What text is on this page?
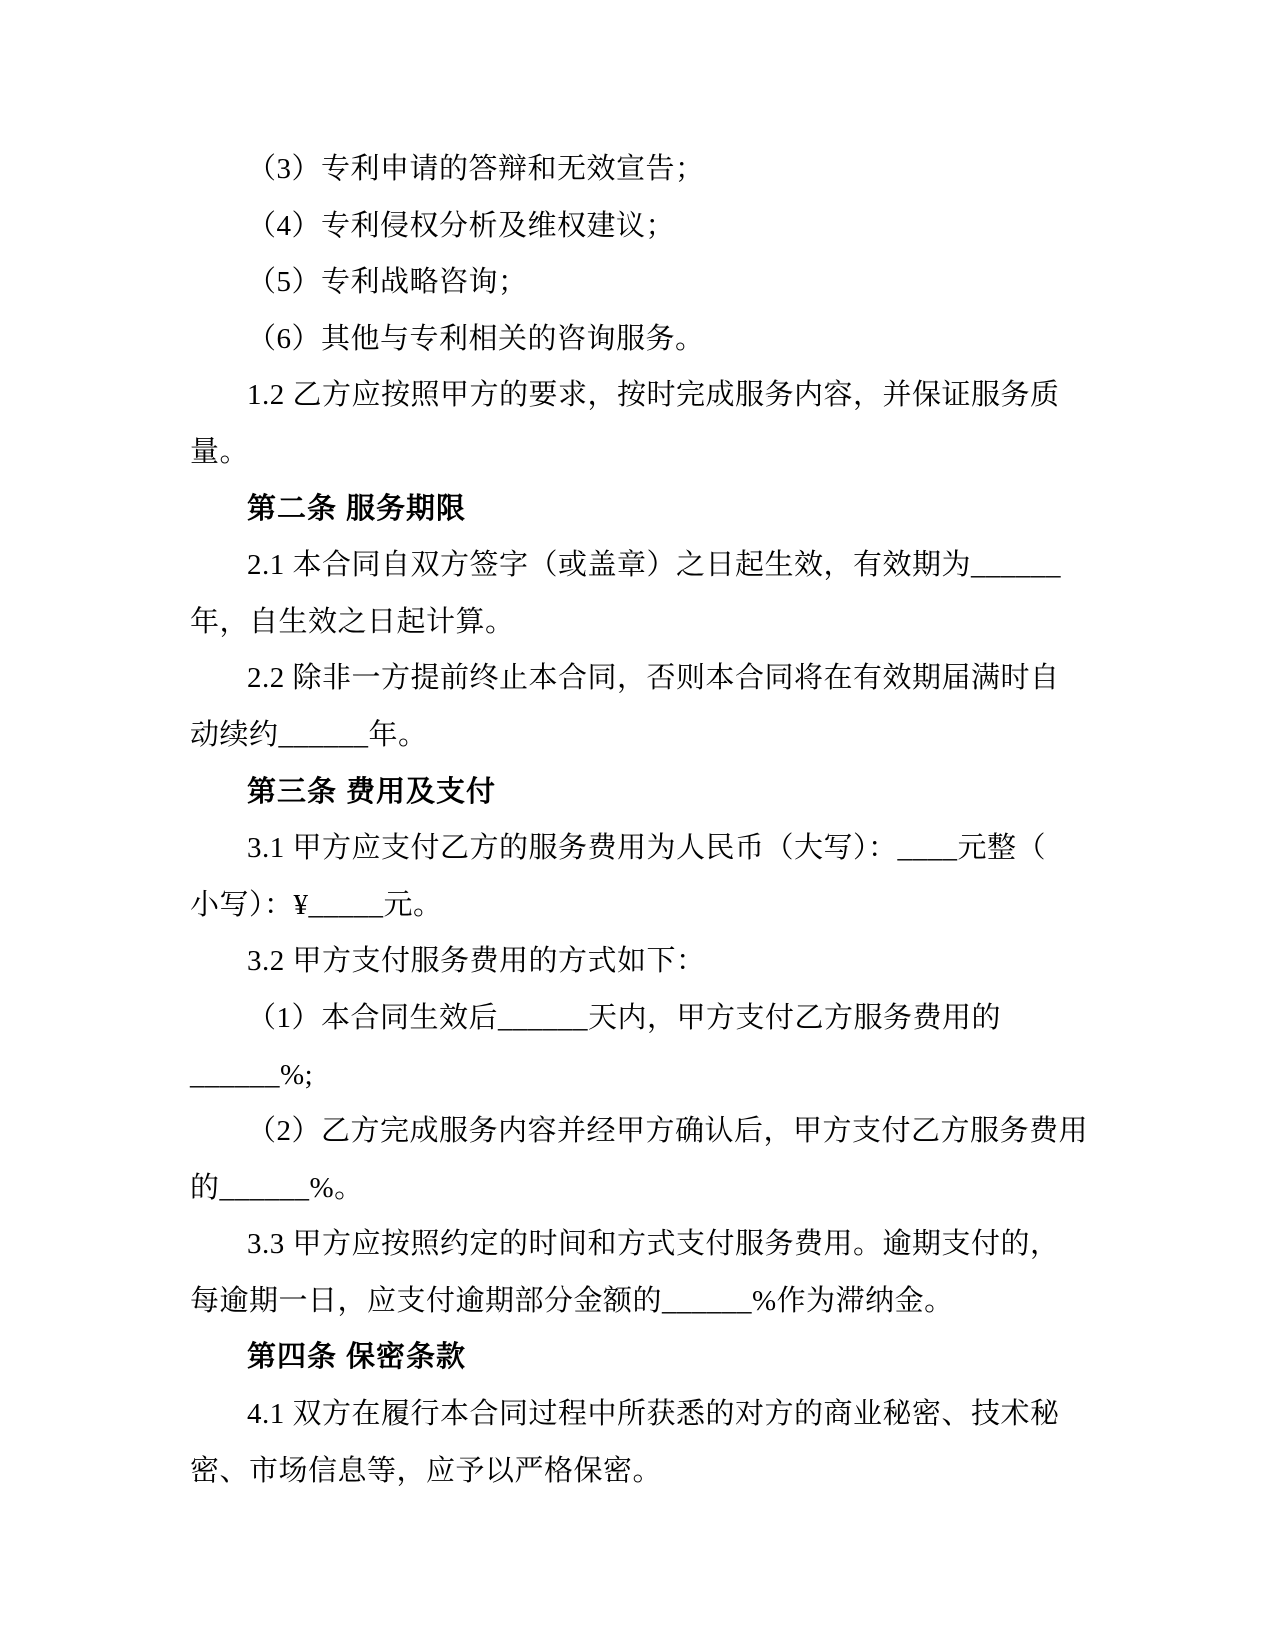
（3）专利申请的答辩和无效宣告；
（4）专利侵权分析及维权建议；
（5）专利战略咨询；
（6）其他与专利相关的咨询服务。
1.2 乙方应按照甲方的要求，按时完成服务内容，并保证服务质
量。
第二条 服务期限
2.1 本合同自双方签字（或盖章）之日起生效，有效期为______
年，自生效之日起计算。
2.2 除非一方提前终止本合同，否则本合同将在有效期届满时自
动续约______年。
第三条 费用及支付
3.1 甲方应支付乙方的服务费用为人民币（大写）：____元整（
小写）：¥_____元。
3.2 甲方支付服务费用的方式如下：
（1）本合同生效后______天内，甲方支付乙方服务费用的
______%;
（2）乙方完成服务内容并经甲方确认后，甲方支付乙方服务费用
的______%。
3.3 甲方应按照约定的时间和方式支付服务费用。逾期支付的，
每逾期一日，应支付逾期部分金额的______%作为滞纳金。
第四条 保密条款
4.1 双方在履行本合同过程中所获悉的对方的商业秘密、技术秘
密、市场信息等，应予以严格保密。
